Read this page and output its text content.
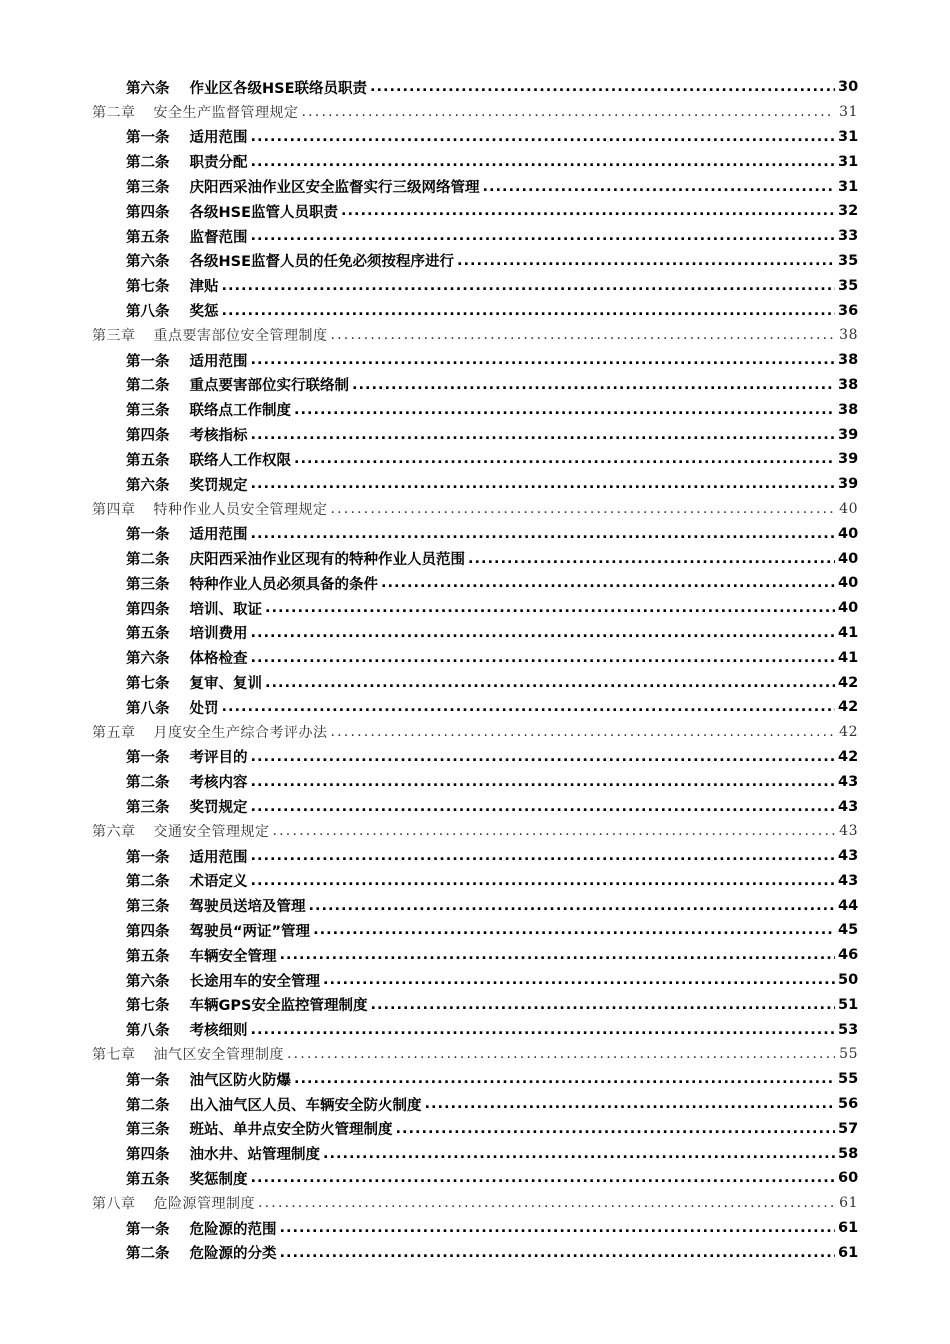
第六条 作业区各级HSE联络员职责 .....	30
第二章 安全生产监督管理规定 .....	31
第一条 适用范围 .....	31
第二条 职责分配 .....	31
第三条 庆阳西采油作业区安全监督实行三级网络管理 .....	31
第四条 各级HSE监管人员职责 .....	32
第五条 监督范围 .....	33
第六条 各级HSE监督人员的任免必须按程序进行 .....	35
第七条 津贴 .....	35
第八条 奖惩 .....	36
第三章 重点要害部位安全管理制度 .....	38
第一条 适用范围 .....	38
第二条 重点要害部位实行联络制 .....	38
第三条 联络点工作制度 .....	38
第四条 考核指标 .....	39
第五条 联络人工作权限 .....	39
第六条 奖罚规定 .....	39
第四章 特种作业人员安全管理规定 .....	40
第一条 适用范围 .....	40
第二条 庆阳西采油作业区现有的特种作业人员范围 .....	40
第三条 特种作业人员必须具备的条件 .....	40
第四条 培训、取证 .....	40
第五条 培训费用 .....	41
第六条 体格检查 .....	41
第七条 复审、复训 .....	42
第八条 处罚 .....	42
第五章 月度安全生产综合考评办法 .....	42
第一条 考评目的 .....	42
第二条 考核内容 .....	43
第三条 奖罚规定 .....	43
第六章 交通安全管理规定 .....	43
第一条 适用范围 .....	43
第二条 术语定义 .....	43
第三条 驾驶员送培及管理 .....	44
第四条 驾驶员“两证”管理 .....	45
第五条 车辆安全管理 .....	46
第六条 长途用车的安全管理 .....	50
第七条 车辆GPS安全监控管理制度 .....	51
第八条 考核细则 .....	53
第七章 油气区安全管理制度 .....	55
第一条 油气区防火防爆 .....	55
第二条 出入油气区人员、车辆安全防火制度 .....	56
第三条 班站、单井点安全防火管理制度 .....	57
第四条 油水井、站管理制度 .....	58
第五条 奖惩制度 .....	60
第八章 危险源管理制度 .....	61
第一条 危险源的范围 .....	61
第二条 危险源的分类 .....	61
